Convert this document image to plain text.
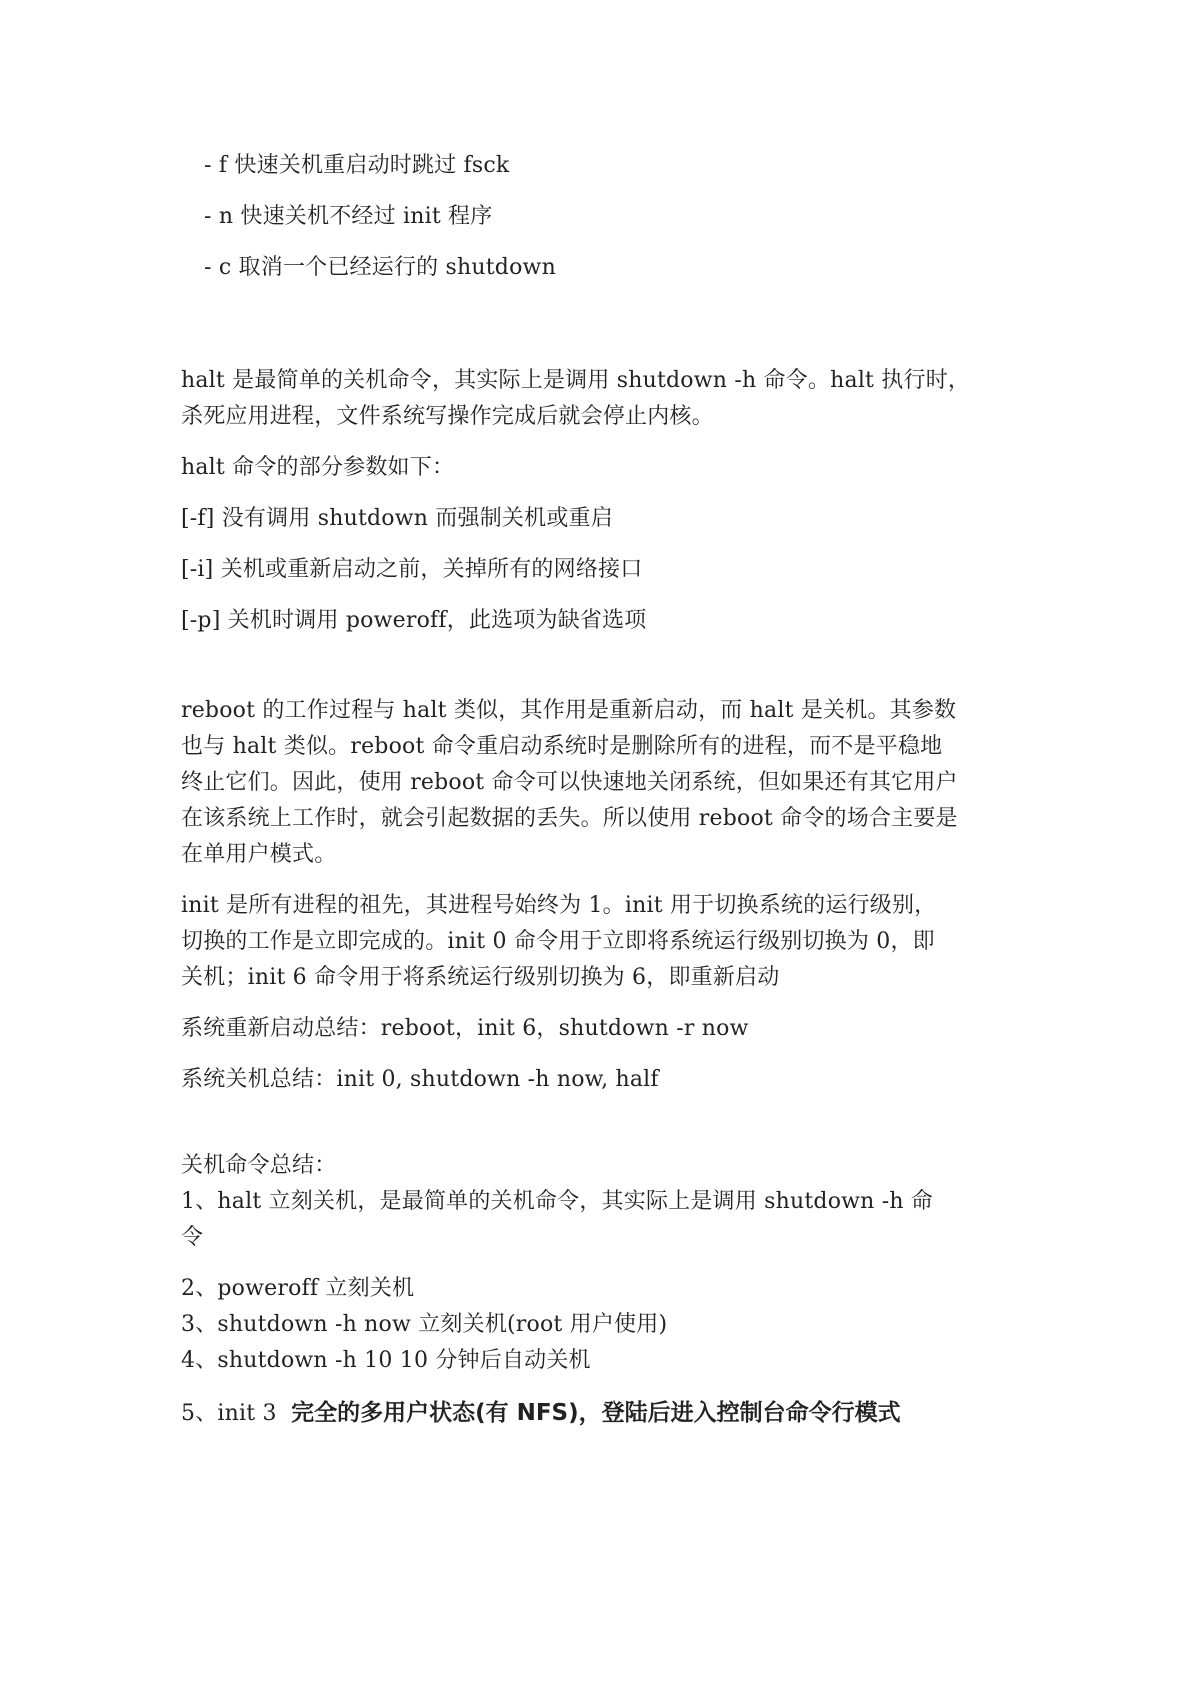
- f 快速关机重启动时跳过 fsck
- n 快速关机不经过 init 程序
- c 取消一个已经运行的 shutdown
halt 是最简单的关机命令，其实际上是调用 shutdown -h 命令。halt 执行时，
杀死应用进程，文件系统写操作完成后就会停止内核。
halt 命令的部分参数如下：
[-f] 没有调用 shutdown 而强制关机或重启
[-i] 关机或重新启动之前，关掉所有的网络接口
[-p] 关机时调用 poweroff，此选项为缺省选项
reboot 的工作过程与 halt 类似，其作用是重新启动，而 halt 是关机。其参数
也与 halt 类似。reboot 命令重启动系统时是删除所有的进程，而不是平稳地
终止它们。因此，使用 reboot 命令可以快速地关闭系统，但如果还有其它用户
在该系统上工作时，就会引起数据的丢失。所以使用 reboot 命令的场合主要是
在单用户模式。
init 是所有进程的祖先，其进程号始终为 1。init 用于切换系统的运行级别，
切换的工作是立即完成的。init 0 命令用于立即将系统运行级别切换为 0，即
关机；init 6 命令用于将系统运行级别切换为 6，即重新启动
系统重新启动总结：reboot，init 6，shutdown -r now
系统关机总结：init 0, shutdown -h now, half
关机命令总结：
1、halt 立刻关机，是最简单的关机命令，其实际上是调用 shutdown -h 命
令
2、poweroff 立刻关机
3、shutdown -h now 立刻关机(root 用户使用)
4、shutdown -h 10 10 分钟后自动关机
5、init 3  完全的多用户状态(有 NFS)，登陆后进入控制台命令行模式
